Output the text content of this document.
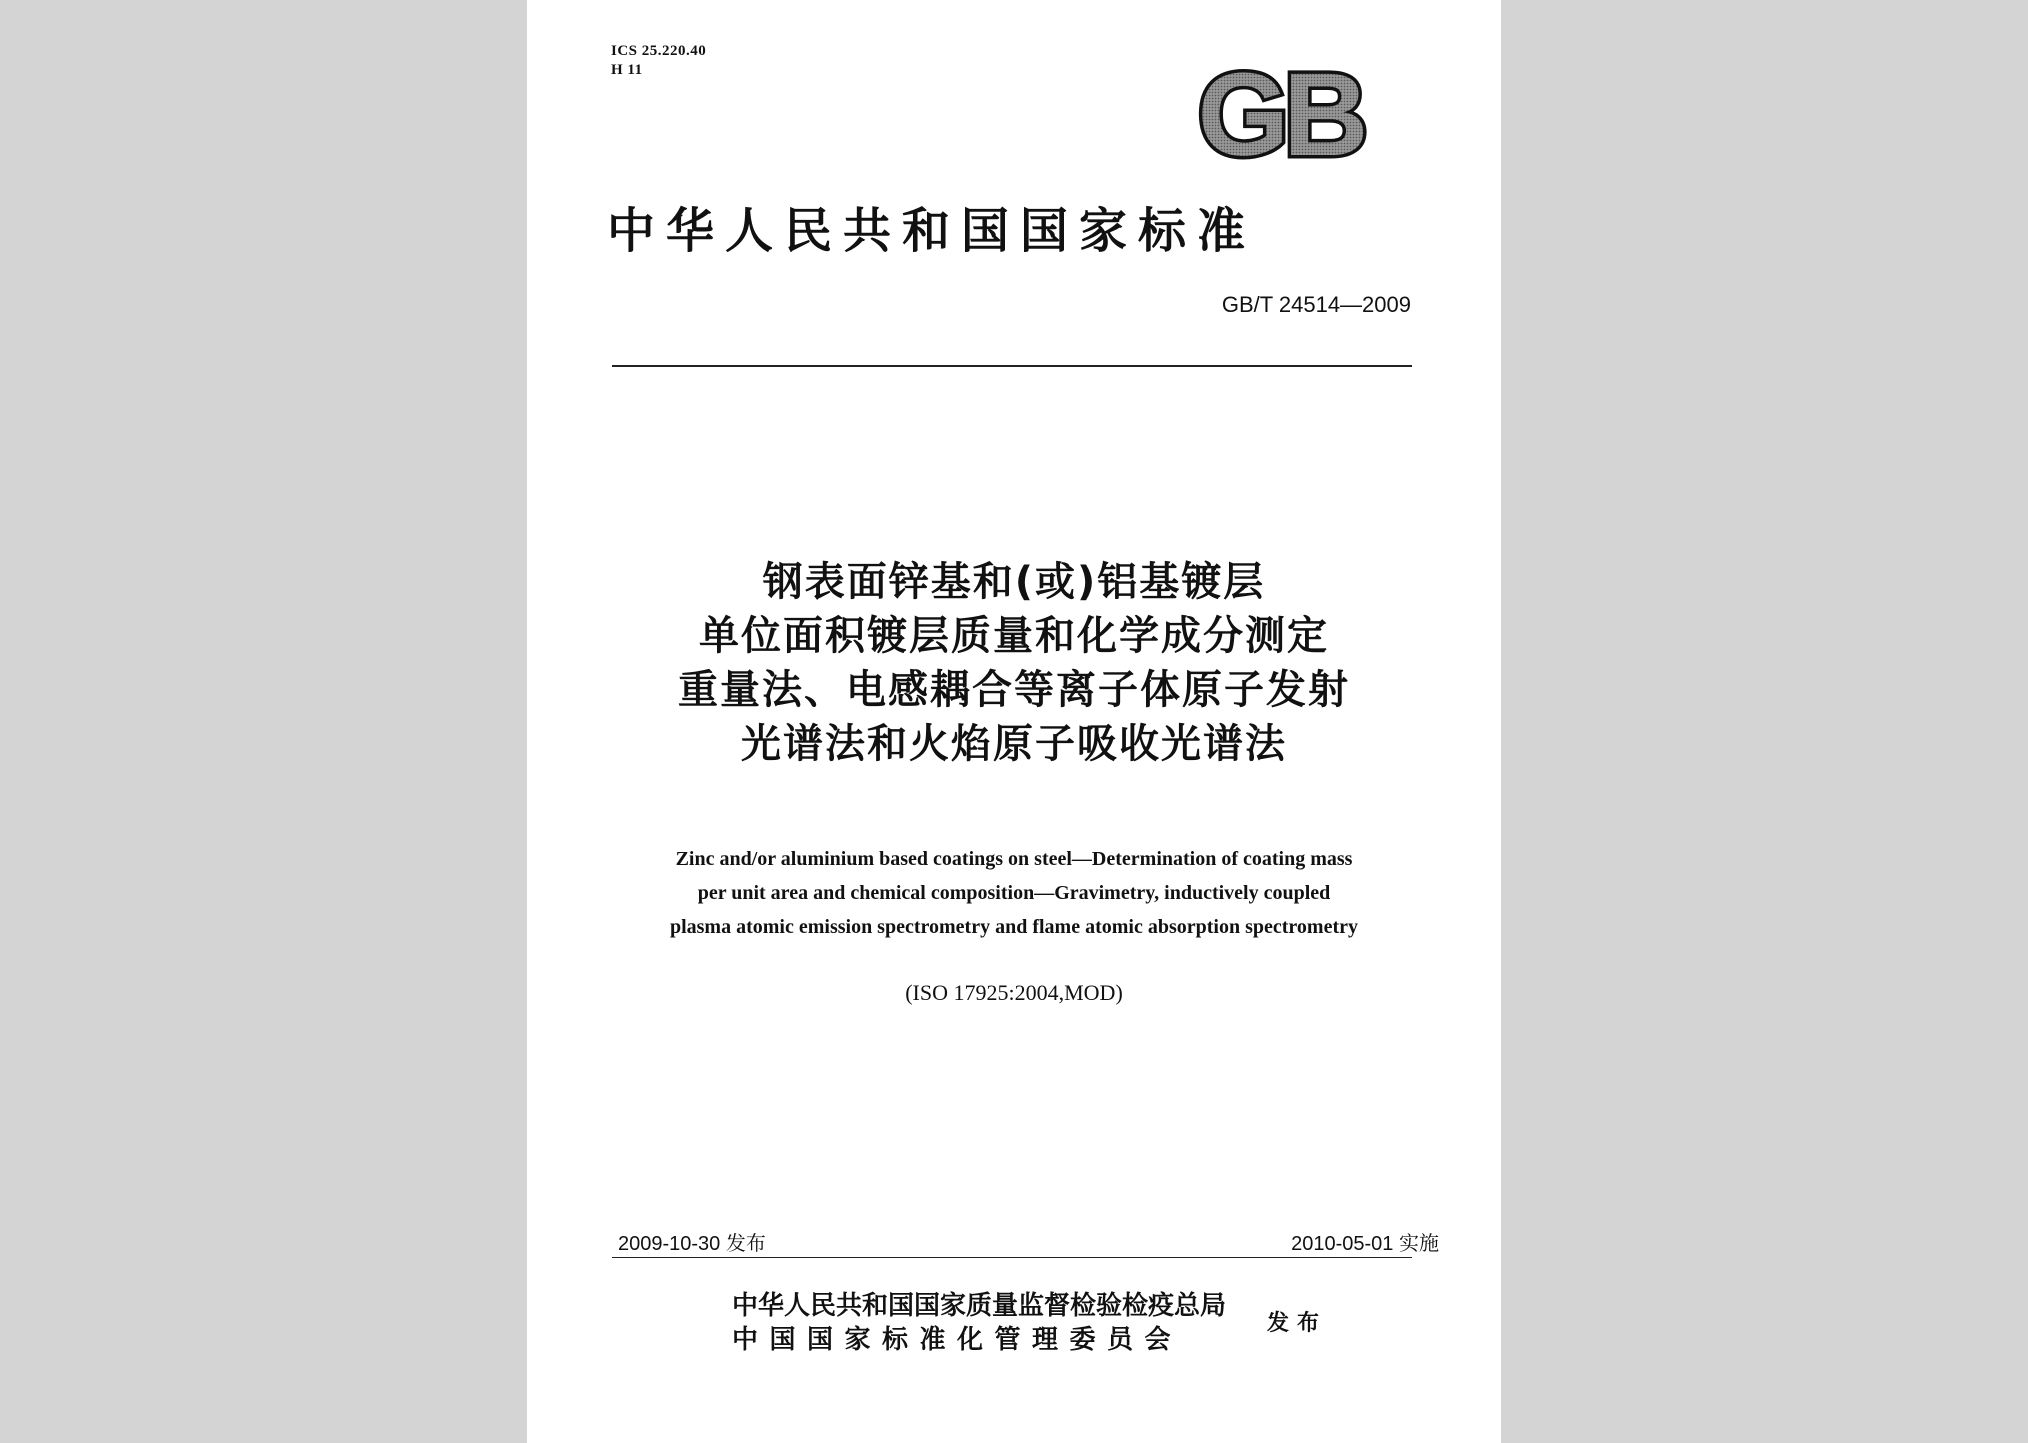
ICS 25.220.40
H 11	GB
中华人民共和国国家标准
GB/T 24514—2009
钢表面锌基和(或)铝基镀层
单位面积镀层质量和化学成分测定
重量法、电感耦合等离子体原子发射
光谱法和火焰原子吸收光谱法
Zinc and/or aluminium based coatings on steel—Determination of coating mass
per unit area and chemical composition—Gravimetry, inductively coupled
plasma atomic emission spectrometry and flame atomic absorption spectrometry
(ISO 17925:2004,MOD)
2009-10-30 发布	2010-05-01 实施
中华人民共和国国家质量监督检验检疫总局
中国国家标准化管理委员会
发布
